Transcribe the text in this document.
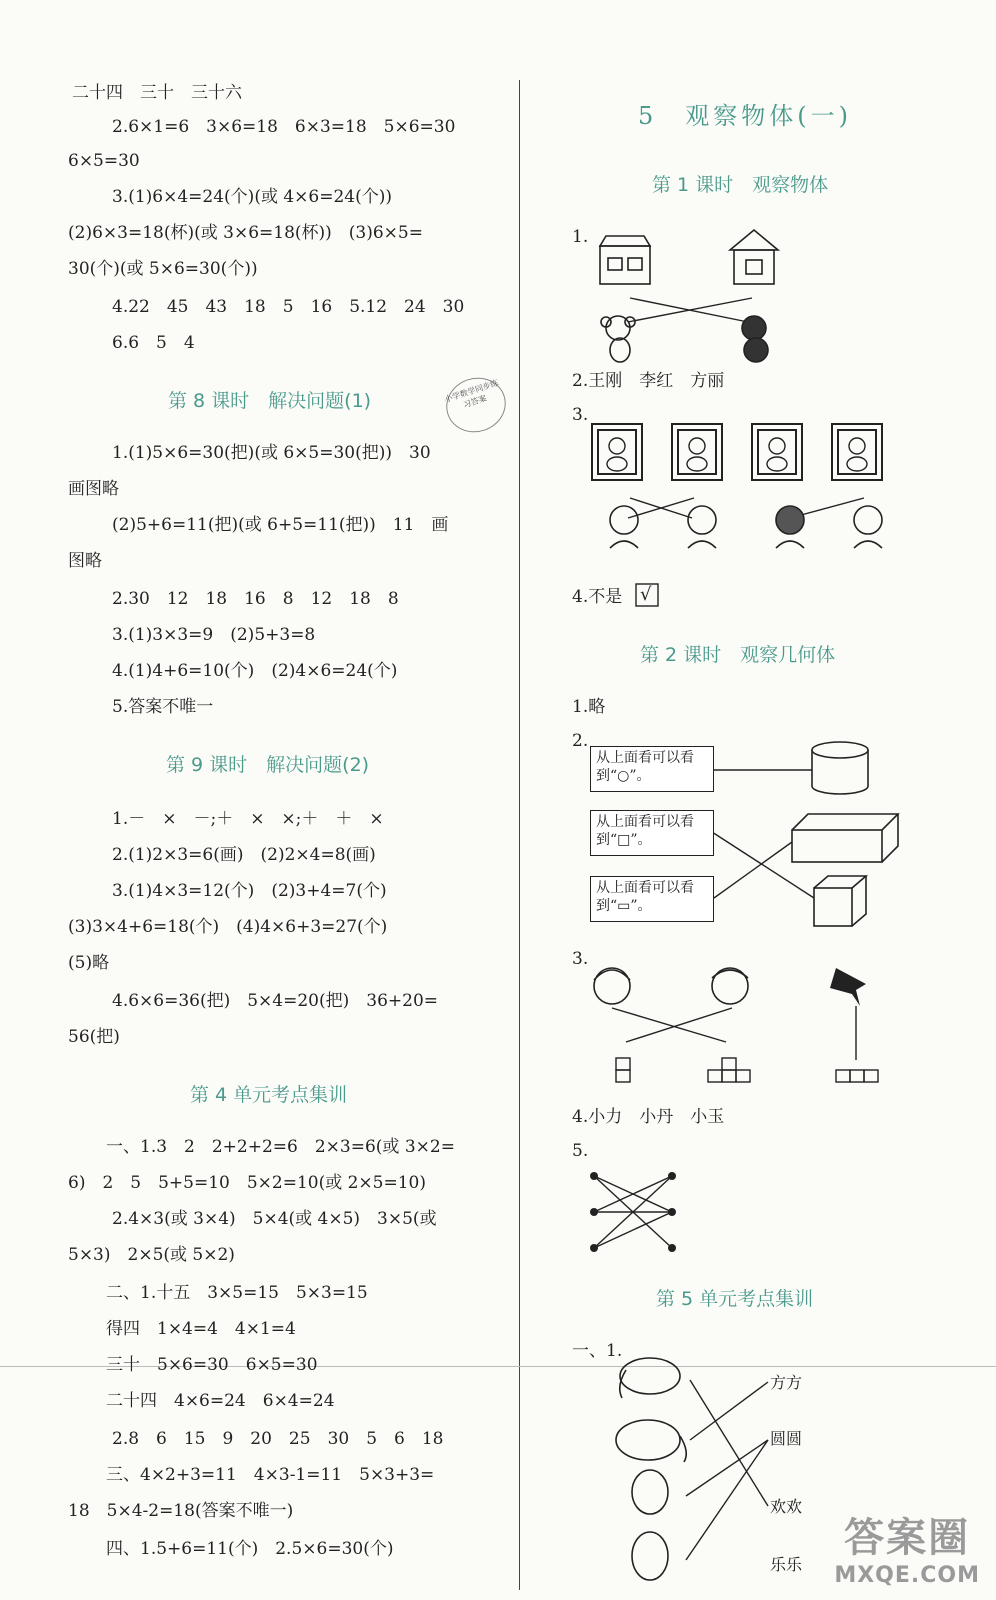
二十四　三十　三十六
2.6×1=6　3×6=18　6×3=18　5×6=30
6×5=30
3.(1)6×4=24(个)(或 4×6=24(个))
(2)6×3=18(杯)(或 3×6=18(杯))　(3)6×5=
30(个)(或 5×6=30(个))
4.22　45　43　18　5　16　5.12　24　30
6.6　5　4
第 8 课时　解决问题(1)	小学数学同步练习答案
1.(1)5×6=30(把)(或 6×5=30(把))　30
画图略
(2)5+6=11(把)(或 6+5=11(把))　11　画
图略
2.30　12　18　16　8　12　18　8
3.(1)3×3=9　(2)5+3=8
4.(1)4+6=10(个)　(2)4×6=24(个)
5.答案不唯一
第 9 课时　解决问题(2)
1.－　×　－;＋　×　×;＋　＋　×
2.(1)2×3=6(画)　(2)2×4=8(画)
3.(1)4×3=12(个)　(2)3+4=7(个)
(3)3×4+6=18(个)　(4)4×6+3=27(个)
(5)略
4.6×6=36(把)　5×4=20(把)　36+20=
56(把)
第 4 单元考点集训
一、1.3　2　2+2+2=6　2×3=6(或 3×2=
6)　2　5　5+5=10　5×2=10(或 2×5=10)
2.4×3(或 3×4)　5×4(或 4×5)　3×5(或
5×3)　2×5(或 5×2)
二、1.十五　3×5=15　5×3=15
得四　1×4=4　4×1=4
三十　5×6=30　6×5=30
二十四　4×6=24　6×4=24
2.8　6　15　9　20　25　30　5　6　18
三、4×2+3=11　4×3-1=11　5×3+3=
18　5×4-2=18(答案不唯一)
四、1.5+6=11(个)　2.5×6=30(个)
5　观察物体(一)
第 1 课时　观察物体
1.
2.王刚　李红　方丽
3.
4.不是 √
第 2 课时　观察几何体
1.略
2.
从上面看可以看到“○”。
从上面看可以看到“□”。
从上面看可以看到“▭”。
3.
4.小力　小丹　小玉
5.
第 5 单元考点集训
一、1.
方方
圆圆
欢欢
乐乐
答案圈
MXQE.COM
